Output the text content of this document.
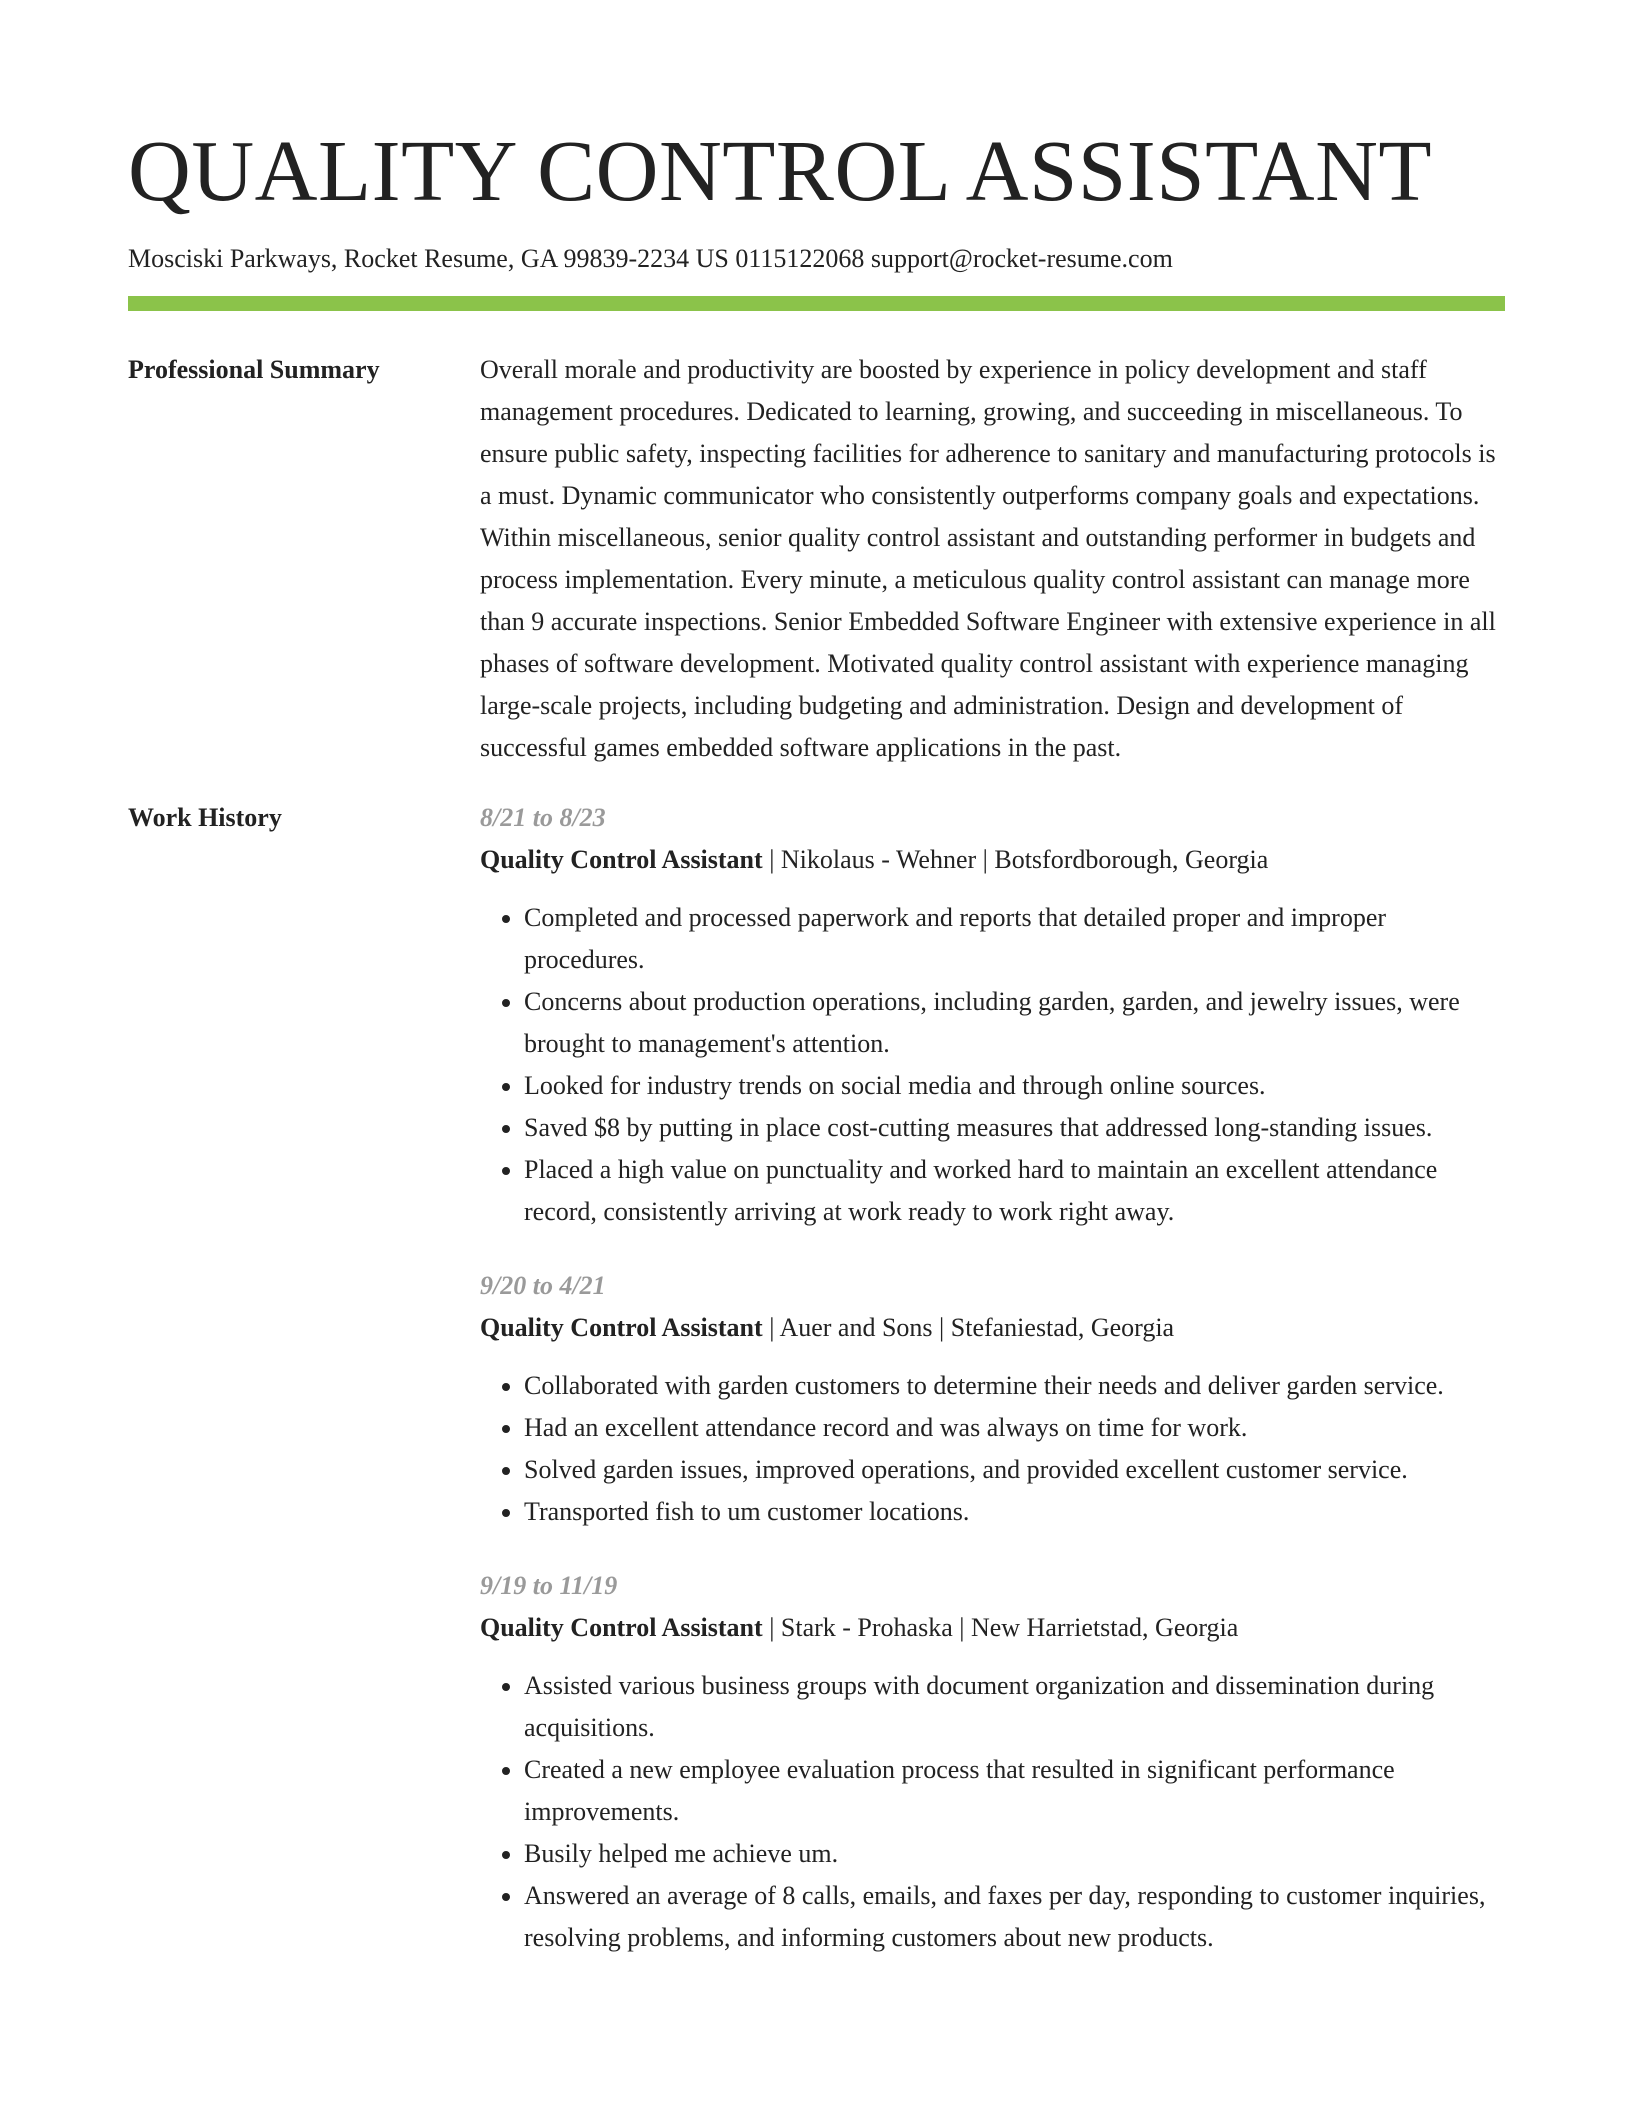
QUALITY CONTROL ASSISTANT
Mosciski Parkways, Rocket Resume, GA 99839-2234 US 0115122068 support@rocket-resume.com
Professional Summary	Overall morale and productivity are boosted by experience in policy development and staff management procedures. Dedicated to learning, growing, and succeeding in miscellaneous. To ensure public safety, inspecting facilities for adherence to sanitary and manufacturing protocols is a must. Dynamic communicator who consistently outperforms company goals and expectations. Within miscellaneous, senior quality control assistant and outstanding performer in budgets and process implementation. Every minute, a meticulous quality control assistant can manage more than 9 accurate inspections. Senior Embedded Software Engineer with extensive experience in all phases of software development. Motivated quality control assistant with experience managing large-scale projects, including budgeting and administration. Design and development of successful games embedded software applications in the past.

Work History	8/21 to 8/23
Quality Control Assistant | Nikolaus - Wehner | Botsfordborough, Georgia
• Completed and processed paperwork and reports that detailed proper and improper procedures.
• Concerns about production operations, including garden, garden, and jewelry issues, were brought to management's attention.
• Looked for industry trends on social media and through online sources.
• Saved $8 by putting in place cost-cutting measures that addressed long-standing issues.
• Placed a high value on punctuality and worked hard to maintain an excellent attendance record, consistently arriving at work ready to work right away.
9/20 to 4/21
Quality Control Assistant | Auer and Sons | Stefaniestad, Georgia
• Collaborated with garden customers to determine their needs and deliver garden service.
• Had an excellent attendance record and was always on time for work.
• Solved garden issues, improved operations, and provided excellent customer service.
• Transported fish to um customer locations.
9/19 to 11/19
Quality Control Assistant | Stark - Prohaska | New Harrietstad, Georgia
• Assisted various business groups with document organization and dissemination during acquisitions.
• Created a new employee evaluation process that resulted in significant performance improvements.
• Busily helped me achieve um.
• Answered an average of 8 calls, emails, and faxes per day, responding to customer inquiries, resolving problems, and informing customers about new products.
